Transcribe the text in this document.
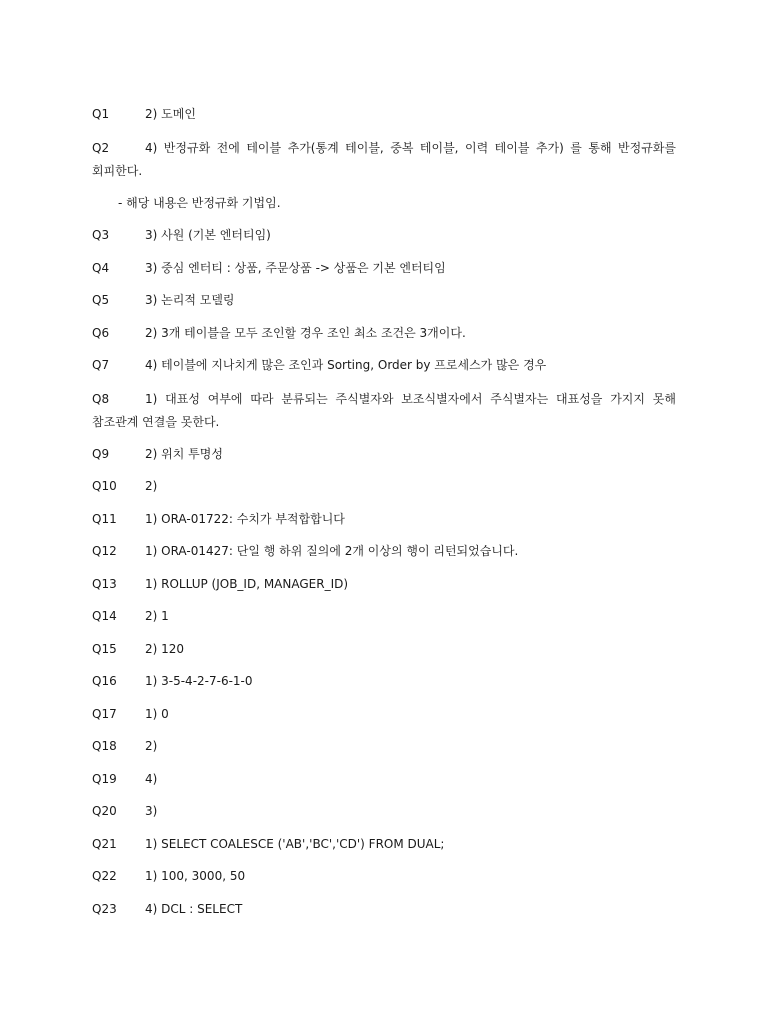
Q1	2) 도메인
Q2	4) 반정규화 전에 테이블 추가(통계 테이블, 중복 테이블, 이력 테이블 추가) 를 통해 반정규화를 회피한다.
- 해당 내용은 반정규화 기법임.
Q3	3) 사원 (기본 엔터티임)
Q4	3) 중심 엔터티 : 상품, 주문상품 -> 상품은 기본 엔터티임
Q5	3) 논리적 모델링
Q6	2) 3개 테이블을 모두 조인할 경우 조인 최소 조건은 3개이다.
Q7	4) 테이블에 지나치게 많은 조인과 Sorting, Order by 프로세스가 많은 경우
Q8	1) 대표성 여부에 따라 분류되는 주식별자와 보조식별자에서 주식별자는 대표성을 가지지 못해 참조관계 연결을 못한다.
Q9	2) 위치 투명성
Q10	2)
Q11	1) ORA-01722: 수치가 부적합합니다
Q12	1) ORA-01427: 단일 행 하위 질의에 2개 이상의 행이 리턴되었습니다.
Q13	1) ROLLUP (JOB_ID, MANAGER_ID)
Q14	2) 1
Q15	2) 120
Q16	1) 3-5-4-2-7-6-1-0
Q17	1) 0
Q18	2)
Q19	4)
Q20	3)
Q21	1) SELECT COALESCE ('AB','BC','CD') FROM DUAL;
Q22	1) 100, 3000, 50
Q23	4) DCL : SELECT
